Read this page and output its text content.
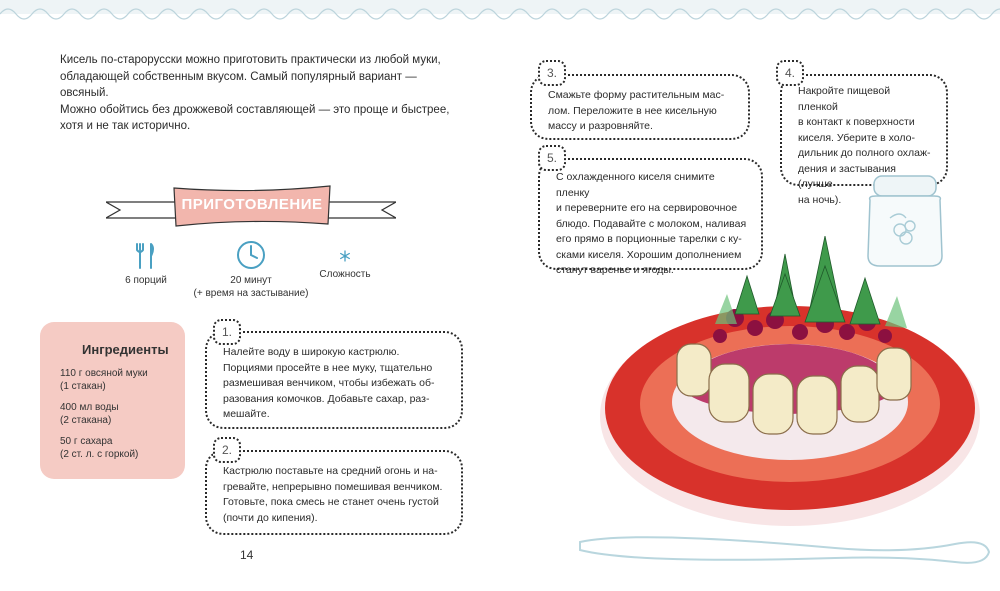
Кисель по-старорусски можно приготовить практически из любой муки,

обладающей собственным вкусом. Самый популярный вариант — овсяный.

Можно обойтись без дрожжевой составляющей — это проще и быстрее,

хотя и не так исторично.

ПРИГОТОВЛЕНИЕ
6 порций	20 минут
(+ время на застывание)
Сложность
Ингредиенты
110 г овсяной муки
(1 стакан)
400 мл воды
(2 стакана)
50 г сахара
(2 ст. л. с горкой)
Налейте воду в широкую кастрюлю.
Порциями просейте в нее муку, тщательно
размешивая венчиком, чтобы избежать об-
разования комочков. Добавьте сахар, раз-
мешайте.
1.
Кастрюлю поставьте на средний огонь и на-
гревайте, непрерывно помешивая венчиком.
Готовьте, пока смесь не станет очень густой
(почти до кипения).
2.
Смажьте форму растительным мас-
лом. Переложите в нее кисельную
массу и разровняйте.
3.
Накройте пищевой пленкой
в контакт к поверхности
киселя. Уберите в холо-
дильник до полного охлаж-
дения и застывания (лучше
на ночь).
4.
С охлажденного киселя снимите пленку
и переверните его на сервировочное
блюдо. Подавайте с молоком, наливая
его прямо в порционные тарелки с ку-
сками киселя. Хорошим дополнением
станут варенье и ягоды.
5.
14
